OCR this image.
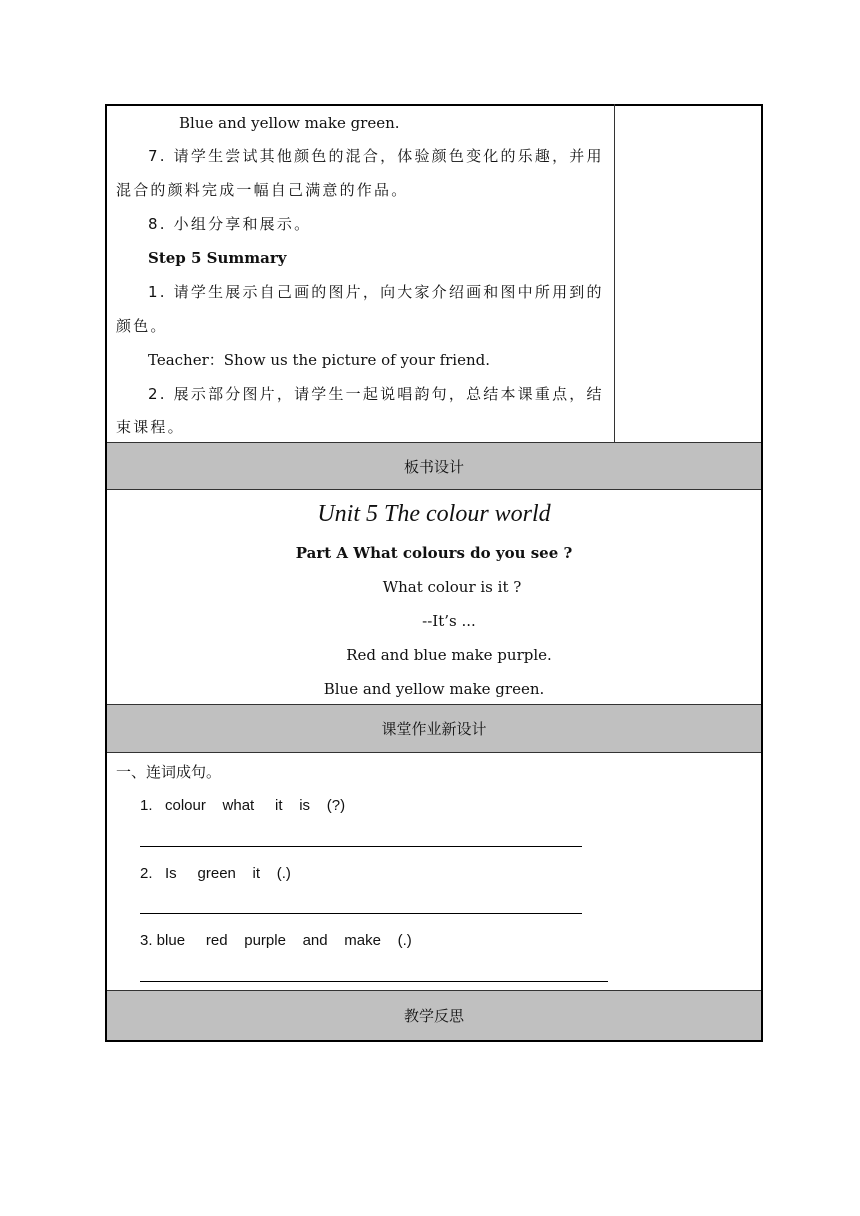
Blue and yellow make green.
7. 请学生尝试其他颜色的混合，体验颜色变化的乐趣，并用
混合的颜料完成一幅自己满意的作品。
8. 小组分享和展示。
Step 5 Summary
1. 请学生展示自己画的图片，向大家介绍画和图中所用到的
颜色。
Teacher：Show us the picture of your friend.
2. 展示部分图片，请学生一起说唱韵句，总结本课重点，结
束课程。
板书设计
Unit 5 The colour world
Part A What colours do you see ?
What colour is it ?
--It’s ...
Red and blue make purple.
Blue and yellow make green.
课堂作业新设计
一、连词成句。
1.   colour    what     it    is    (?)
2.   Is     green    it    (.)
3. blue     red    purple    and    make    (.)
教学反思
